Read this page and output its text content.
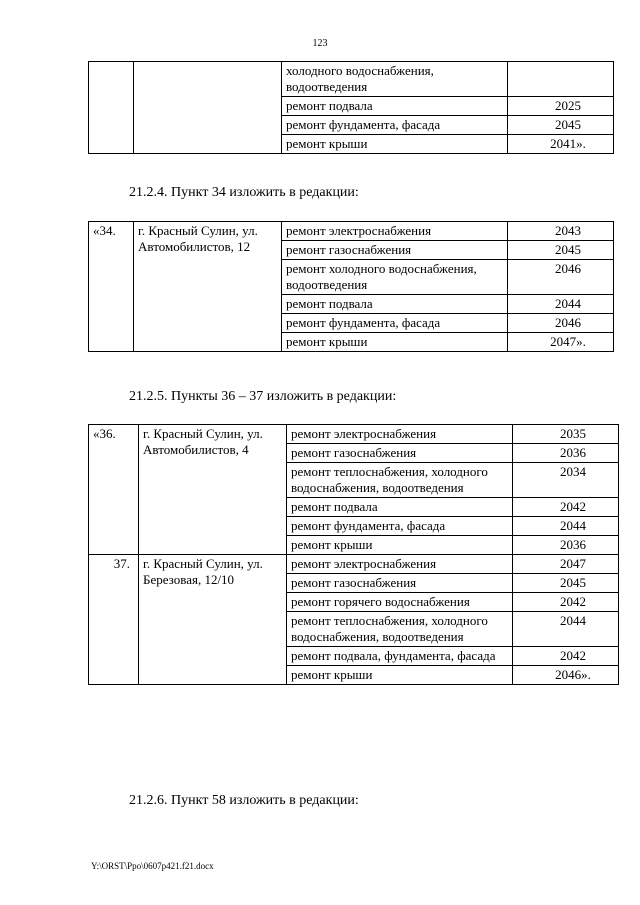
123
		холодного водоснабжения, водоотведения	
		ремонт подвала	2025
		ремонт фундамента, фасада	2045
		ремонт крыши	2041».
21.2.4. Пункт 34 изложить в редакции:
«34.	г. Красный Сулин, ул. Автомобилистов, 12	ремонт электроснабжения	2043
		ремонт газоснабжения	2045
		ремонт холодного водоснабжения, водоотведения	2046
		ремонт подвала	2044
		ремонт фундамента, фасада	2046
		ремонт крыши	2047».
21.2.5. Пункты 36 – 37 изложить в редакции:
«36.	г. Красный Сулин, ул. Автомобилистов, 4	ремонт электроснабжения	2035
		ремонт газоснабжения	2036
		ремонт теплоснабжения, холодного водоснабжения, водоотведения	2034
		ремонт подвала	2042
		ремонт фундамента, фасада	2044
		ремонт крыши	2036
37.	г. Красный Сулин, ул. Березовая, 12/10	ремонт электроснабжения	2047
		ремонт газоснабжения	2045
		ремонт горячего водоснабжения	2042
		ремонт теплоснабжения, холодного водоснабжения, водоотведения	2044
		ремонт подвала, фундамента, фасада	2042
		ремонт крыши	2046».
21.2.6. Пункт 58 изложить в редакции:
Y:\ORST\Ppo\0607p421.f21.docx
